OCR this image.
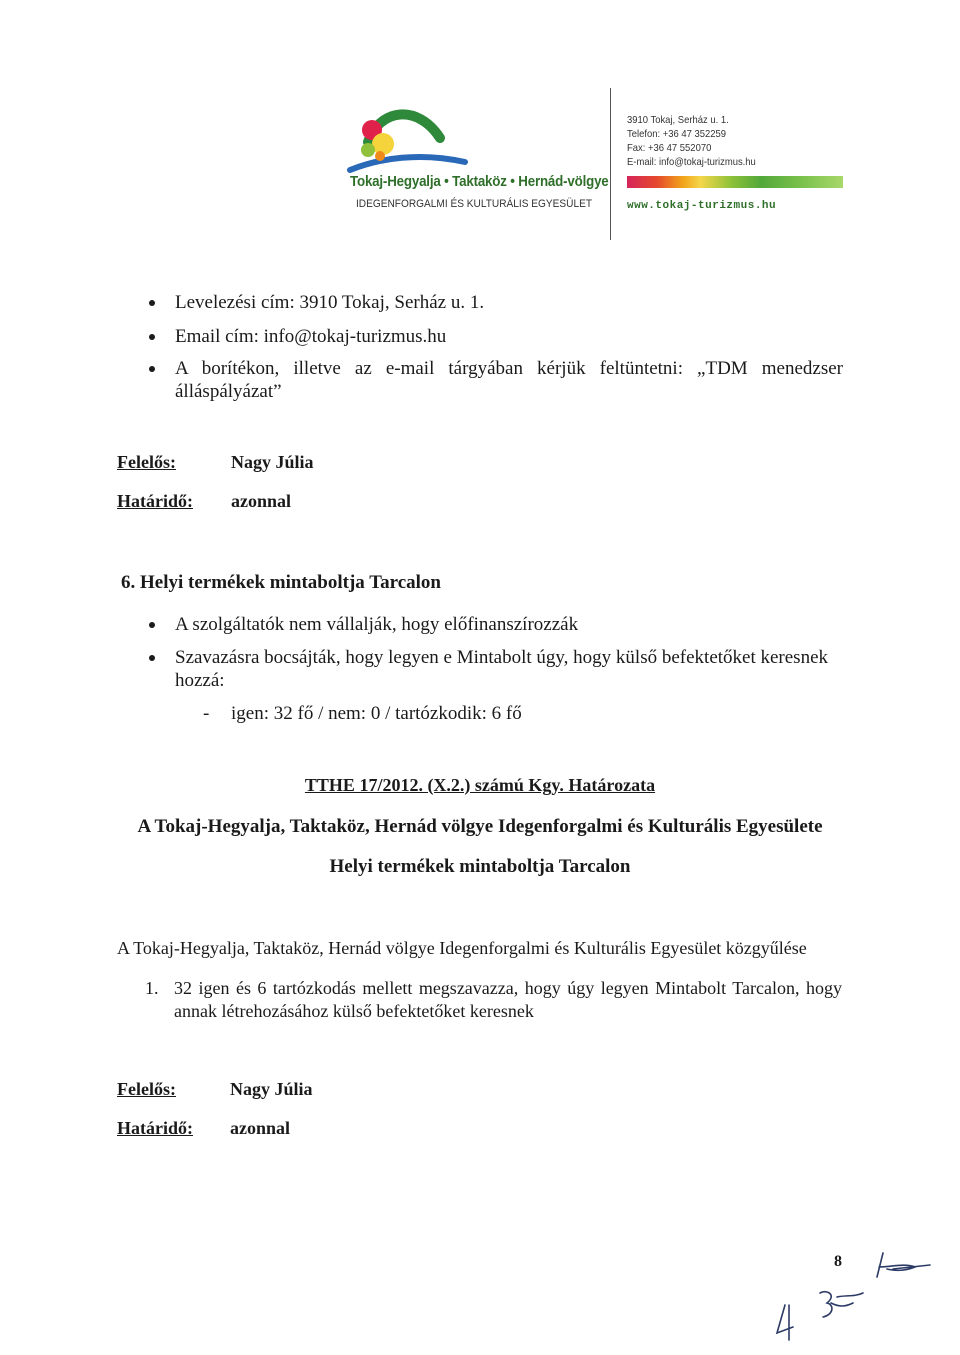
Tokaj-Hegyalja • Taktaköz • Hernád-völgye
IDEGENFORGALMI ÉS KULTURÁLIS EGYESÜLET
3910 Tokaj, Serház u. 1.
Telefon: +36 47 352259
Fax: +36 47 552070
E-mail: info@tokaj-turizmus.hu
www.tokaj-turizmus.hu
Levelezési cím: 3910 Tokaj, Serház u. 1.
Email cím: info@tokaj-turizmus.hu
A borítékon, illetve az e-mail tárgyában kérjük feltüntetni: „TDM menedzser
álláspályázat”
Felelős:	Nagy Júlia
Határidő: azonnal
6. Helyi termékek mintaboltja Tarcalon
A szolgáltatók nem vállalják, hogy előfinanszírozzák
Szavazásra bocsájták, hogy legyen e Mintabolt úgy, hogy külső befektetőket keresnek
hozzá:
- igen: 32 fő / nem: 0 / tartózkodik: 6 fő
TTHE 17/2012. (X.2.) számú Kgy. Határozata
A Tokaj-Hegyalja, Taktaköz, Hernád völgye Idegenforgalmi és Kulturális Egyesülete
Helyi termékek mintaboltja Tarcalon
A Tokaj-Hegyalja, Taktaköz, Hernád völgye Idegenforgalmi és Kulturális Egyesület közgyűlése
1. 32 igen és 6 tartózkodás mellett megszavazza, hogy úgy legyen Mintabolt Tarcalon, hogy
annak létrehozásához külső befektetőket keresnek
Felelős:	Nagy Júlia
Határidő: azonnal
8
